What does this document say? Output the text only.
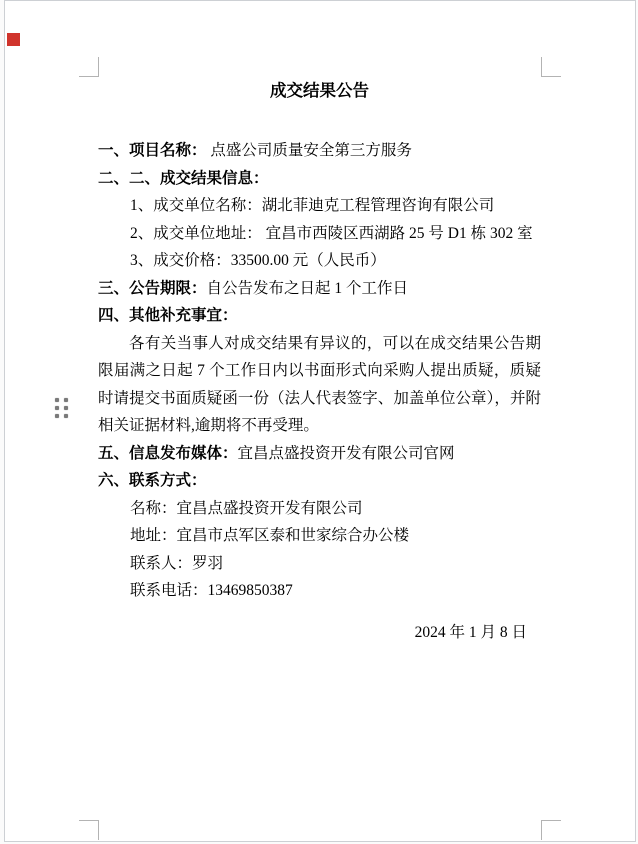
成交结果公告
一、项目名称： 点盛公司质量安全第三方服务
二、二、成交结果信息：
1、成交单位名称：湖北菲迪克工程管理咨询有限公司
2、成交单位地址： 宜昌市西陵区西湖路 25 号 D1 栋 302 室
3、成交价格：33500.00 元（人民币）
三、公告期限：自公告发布之日起 1 个工作日
四、其他补充事宜：
各有关当事人对成交结果有异议的，可以在成交结果公告期限届满之日起 7 个工作日内以书面形式向采购人提出质疑，质疑时请提交书面质疑函一份（法人代表签字、加盖单位公章），并附相关证据材料,逾期将不再受理。
五、信息发布媒体：宜昌点盛投资开发有限公司官网
六、联系方式：
名称：宜昌点盛投资开发有限公司
地址：宜昌市点军区泰和世家综合办公楼
联系人：罗羽
联系电话：13469850387
2024 年 1 月 8 日
